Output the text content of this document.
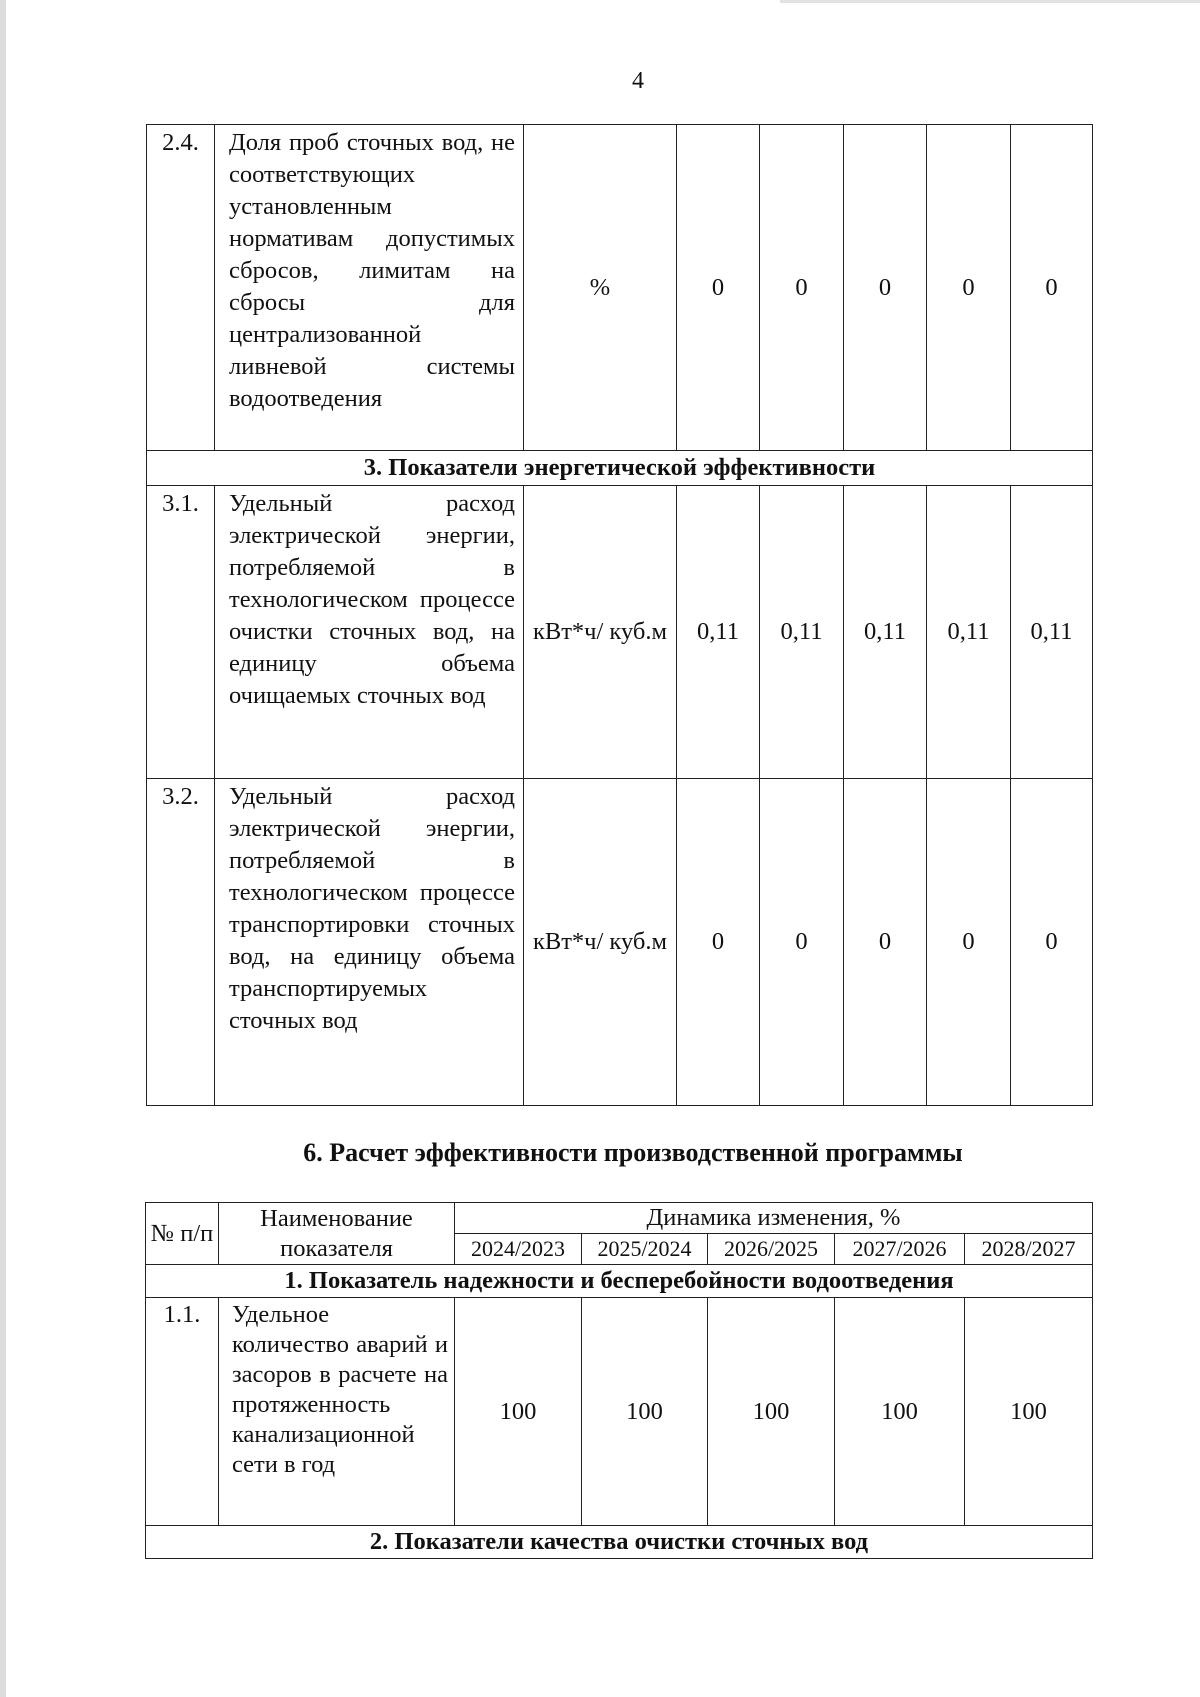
4
2.4.	Доля проб сточных вод, не соответствующих установленным нормативам допустимых сбросов, лимитам на сбросы для централизованной ливневой системы водоотведения	%	0	0	0	0	0
3. Показатели энергетической эффективности							
3.1.	Удельный расход электрической энергии, потребляемой в технологическом процессе очистки сточных вод, на единицу объема очищаемых сточных вод	кВт*ч/ куб.м	0,11	0,11	0,11	0,11	0,11
3.2.	Удельный расход электрической энергии, потребляемой в технологическом процессе транспортировки сточных вод, на единицу объема транспортируемых сточных вод	кВт*ч/ куб.м	0	0	0	0	0
6. Расчет эффективности производственной программы
№ п/п	Наименование показателя	Динамика изменения, %				
		2024/2023	2025/2024	2026/2025	2027/2026	2028/2027
1. Показатель надежности и бесперебойности водоотведения						
1.1.	Удельное количество аварий и засоров в расчете на протяженность канализационной сети в год	100	100	100	100	100
2. Показатели качества очистки сточных вод						
